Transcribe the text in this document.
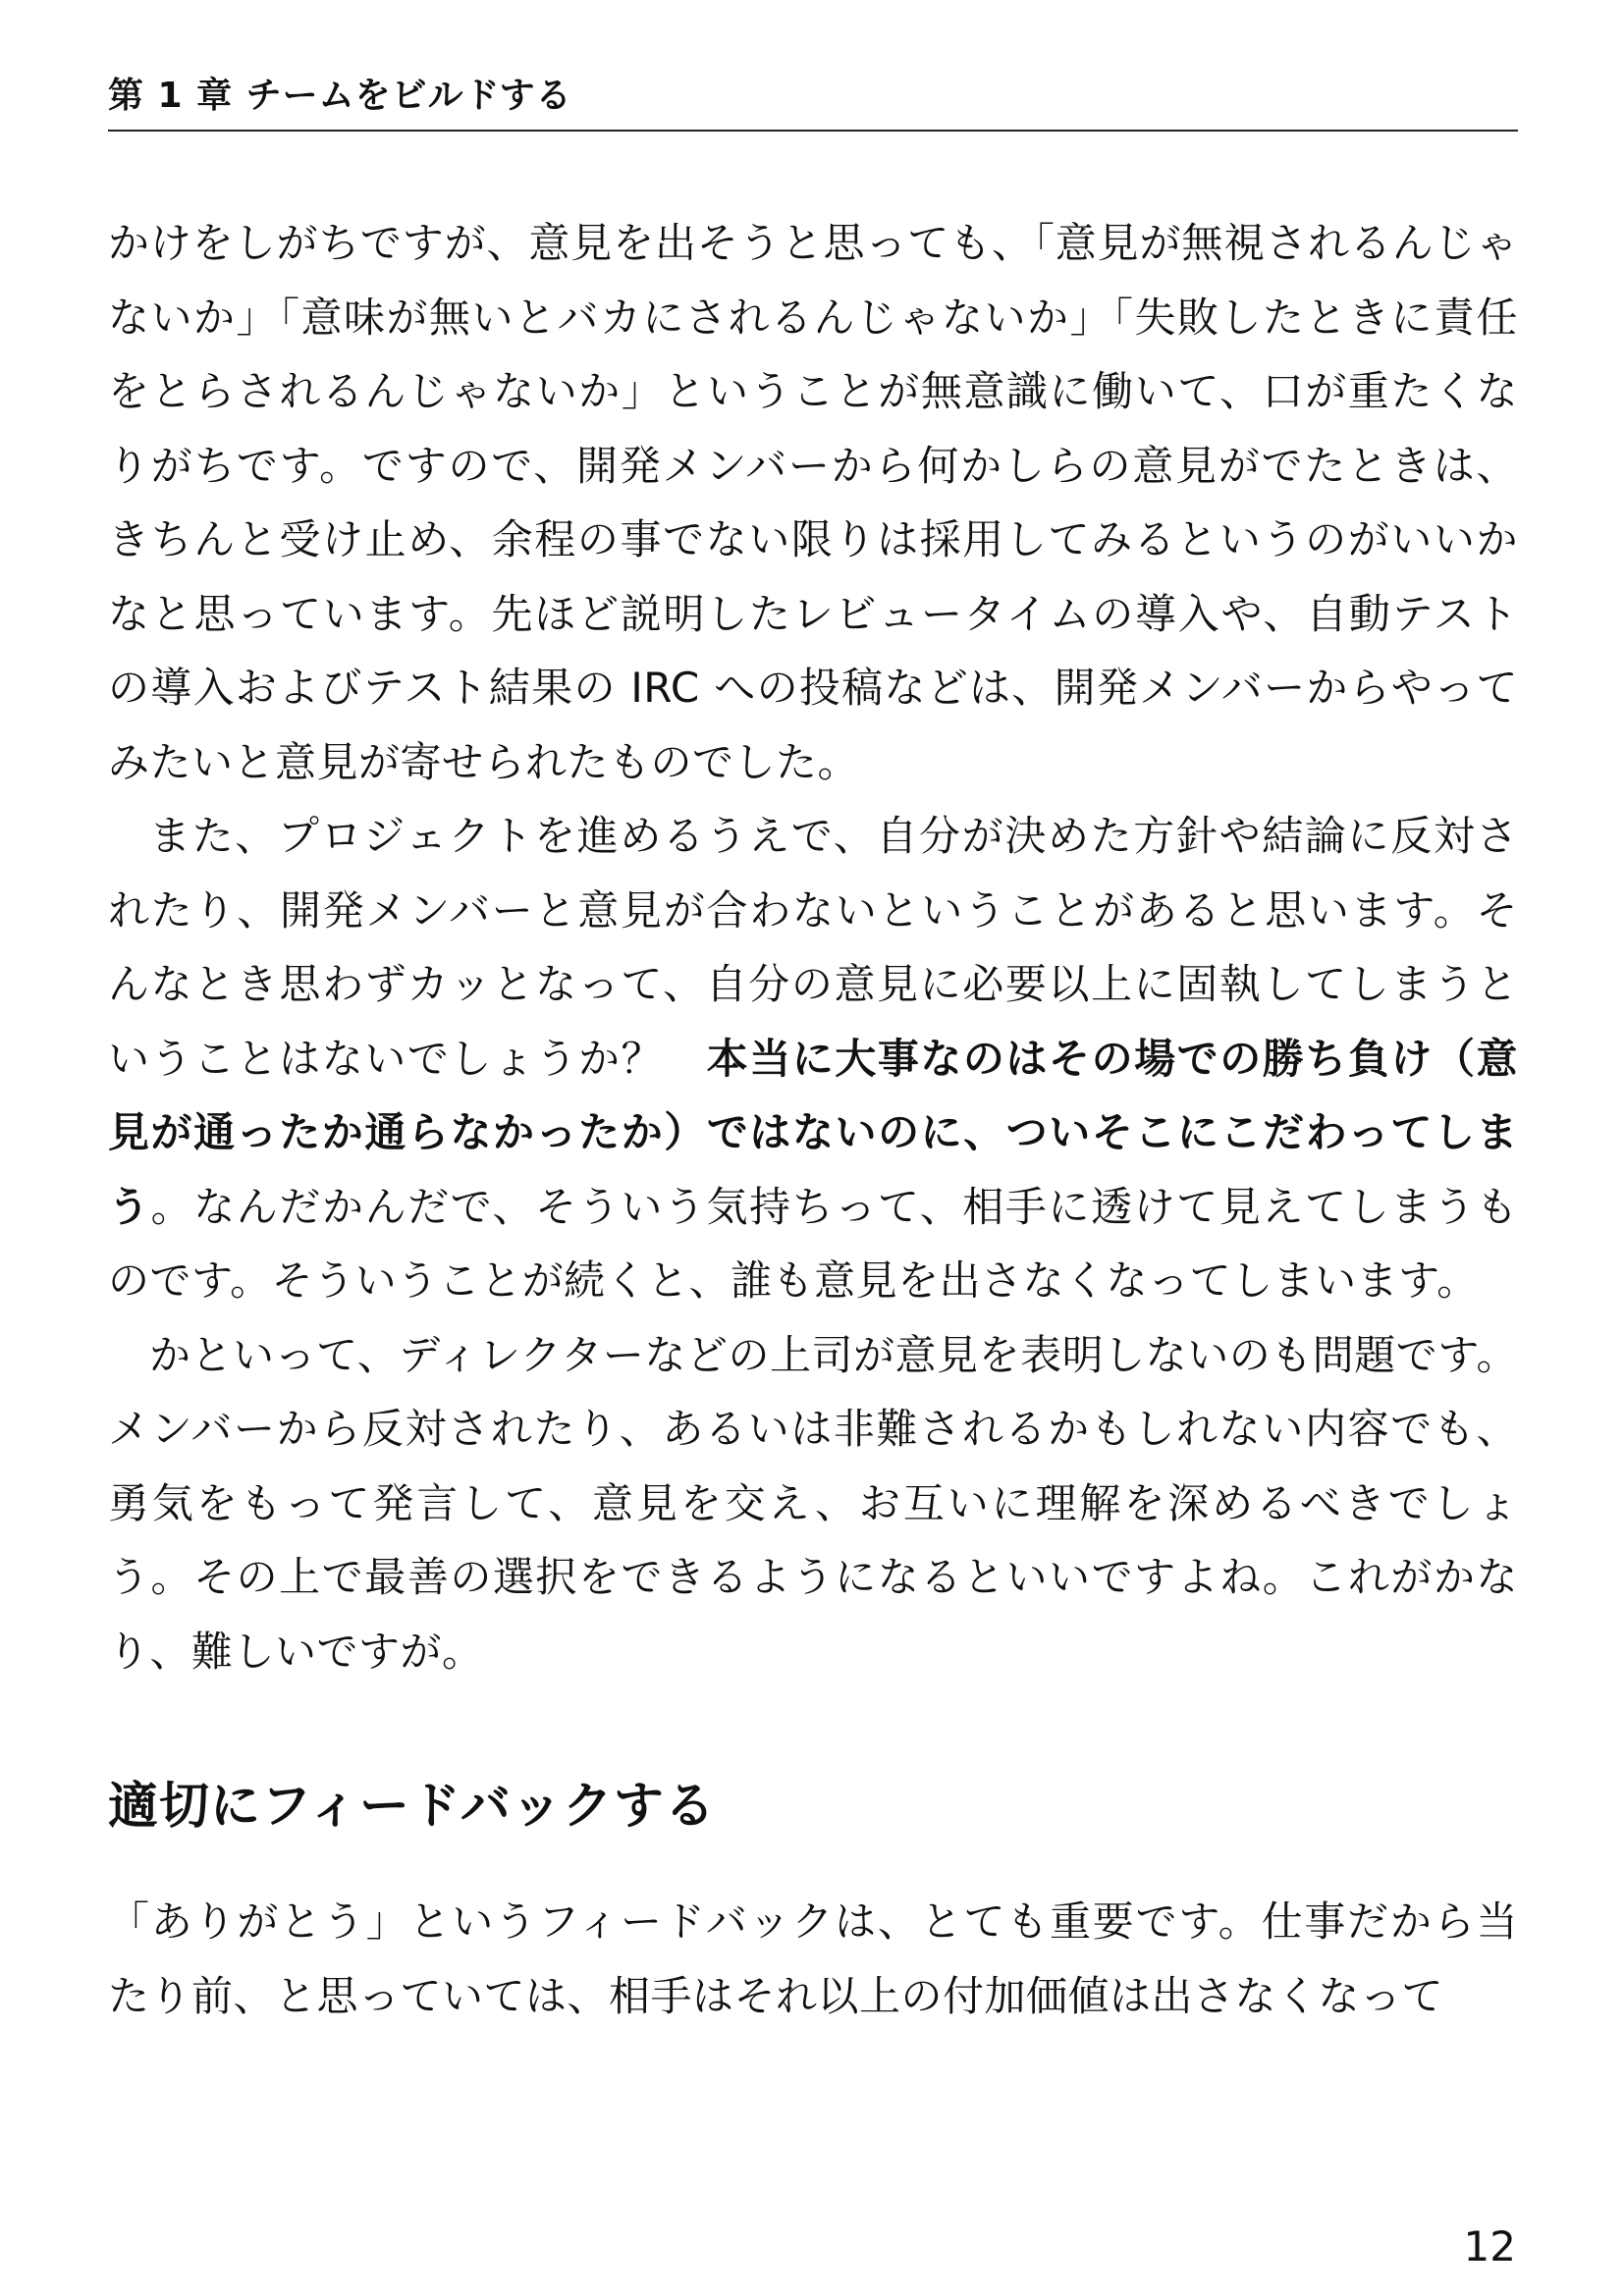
第 1 章 チームをビルドする

かけをしがちですが、意見を出そうと思っても、「意見が無視されるんじゃないか」「意味が無いとバカにされるんじゃないか」「失敗したときに責任をとらされるんじゃないか」ということが無意識に働いて、口が重たくなりがちです。ですので、開発メンバーから何かしらの意見がでたときは、きちんと受け止め、余程の事でない限りは採用してみるというのがいいかなと思っています。先ほど説明したレビュータイムの導入や、自動テストの導入およびテスト結果の IRC への投稿などは、開発メンバーからやってみたいと意見が寄せられたものでした。

また、プロジェクトを進めるうえで、自分が決めた方針や結論に反対されたり、開発メンバーと意見が合わないということがあると思います。そんなとき思わずカッとなって、自分の意見に必要以上に固執してしまうということはないでしょうか？　本当に大事なのはその場での勝ち負け（意見が通ったか通らなかったか）ではないのに、ついそこにこだわってしまう。なんだかんだで、そういう気持ちって、相手に透けて見えてしまうものです。そういうことが続くと、誰も意見を出さなくなってしまいます。

かといって、ディレクターなどの上司が意見を表明しないのも問題です。メンバーから反対されたり、あるいは非難されるかもしれない内容でも、勇気をもって発言して、意見を交え、お互いに理解を深めるべきでしょう。その上で最善の選択をできるようになるといいですよね。これがかなり、難しいですが。

適切にフィードバックする

「ありがとう」というフィードバックは、とても重要です。仕事だから当たり前、と思っていては、相手はそれ以上の付加価値は出さなくなって

12
